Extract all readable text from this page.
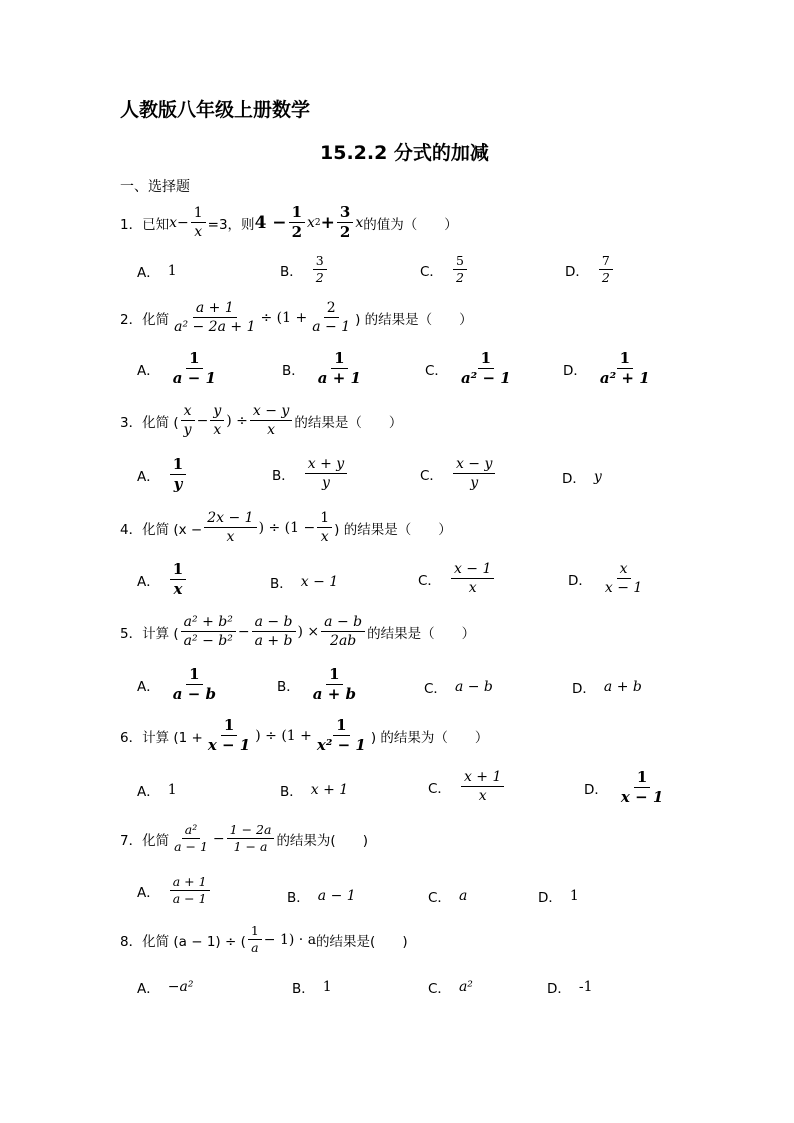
人教版八年级上册数学
15.2.2 分式的加减
一、选择题
1． 已知 $x - \frac{1}{x} =3$，则 $4 - \frac{1}{2}$ x $2 + \frac{3}{2}$ x 的值为（　　）
A． 1	B． $\frac{3}{2}$	C． $\frac{5}{2}$	D． $\frac{7}{2}$
2． 化简 $\frac{a + 1}{\text{a² − 2a + 1}} \div (1 + \frac{2}{a - 1}$ ) 的结果是（　　）
A． $\frac{1}{a - 1}$	B． $\frac{1}{a + 1}$	C． $\frac{1}{\text{a² − 1}}$	D． $\frac{1}{\text{a² + 1}}$
3． 化简 ( $\frac{x}{y} - \frac{y}{x}$ ) ÷ $\frac{x - y}{x}$ 的结果是（　　）
A． $\frac{1}{y}$	B． $\frac{x + y}{y}$	C． $\frac{x - y}{y}$	D． y
4． 化简 ($x - \frac{2x - 1}{x}$ ) ÷ ($1 - \frac{1}{x}$ ) 的结果是（　　）
A． $\frac{1}{x}$	B． x − 1	C． $\frac{x - 1}{x}$	D． $\frac{x}{x - 1}$
5． 计算 ( $\frac{\text{a² + b²}}{\text{a² − b²}} - \frac{a - b}{a + b}$ ) × $\frac{a - b}{2ab}$ 的结果是（　　）
A． $\frac{1}{a - b}$	B． $\frac{1}{a + b}$	C． a − b	D． a + b
6． 计算 ($1 + \frac{1}{x - 1}$ ) ÷ ($1 + \frac{1}{\text{x² − 1}}$ ) 的结果为（　　）
A． 1	B． x + 1	C． $\frac{x + 1}{x}$	D． $\frac{1}{x - 1}$
7． 化简 $\frac{\text{a²}}{a - 1} - \frac{1 - 2a}{1 - a}$ 的结果为(　　)
A． $\frac{a + 1}{a - 1}$	B． a − 1	C． a	D． 1
8． 化简 (a − 1) ÷ ( $\frac{1}{a} - 1) \cdot a$ 的结果是(　　)
A． −a²	B． 1	C． a²	D． -1
